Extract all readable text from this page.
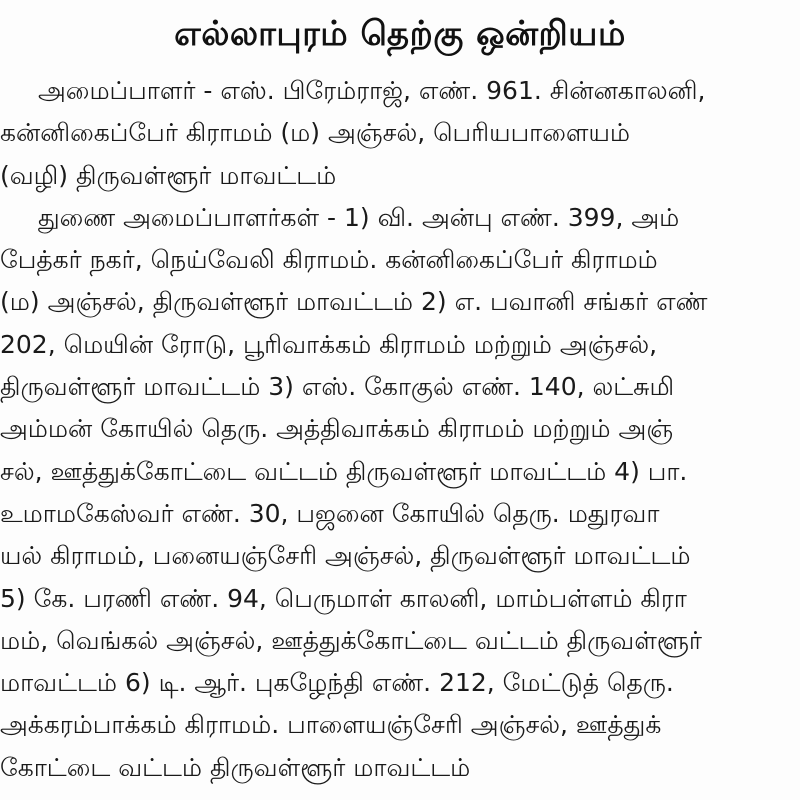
எல்லாபுரம் தெற்கு ஒன்றியம்
அமைப்பாளர் - எஸ். பிரேம்ராஜ், எண். 961. சின்னகாலனி,
கன்னிகைப்பேர் கிராமம் (ம) அஞ்சல், பெரியபாளையம்
(வழி) திருவள்ளூர் மாவட்டம்
துணை அமைப்பாளர்கள் - 1) வி. அன்பு எண். 399, அம்
பேத்கர் நகர், நெய்வேலி கிராமம். கன்னிகைப்பேர் கிராமம்
(ம) அஞ்சல், திருவள்ளூர் மாவட்டம் 2) எ. பவானி சங்கர் எண்
202, மெயின் ரோடு, பூரிவாக்கம் கிராமம் மற்றும் அஞ்சல்,
திருவள்ளூர் மாவட்டம் 3) எஸ். கோகுல் எண். 140, லட்சுமி
அம்மன் கோயில் தெரு. அத்திவாக்கம் கிராமம் மற்றும் அஞ்
சல், ஊத்துக்கோட்டை வட்டம் திருவள்ளூர் மாவட்டம் 4) பா.
உமாமகேஸ்வர் எண். 30, பஜனை கோயில் தெரு. மதுரவா
யல் கிராமம், பனையஞ்சேரி அஞ்சல், திருவள்ளூர் மாவட்டம்
5) கே. பரணி எண். 94, பெருமாள் காலனி, மாம்பள்ளம் கிரா
மம், வெங்கல் அஞ்சல், ஊத்துக்கோட்டை வட்டம் திருவள்ளூர்
மாவட்டம் 6) டி. ஆர். புகழேந்தி எண். 212, மேட்டுத் தெரு.
அக்கரம்பாக்கம் கிராமம். பாளையஞ்சேரி அஞ்சல், ஊத்துக்
கோட்டை வட்டம் திருவள்ளூர் மாவட்டம்
